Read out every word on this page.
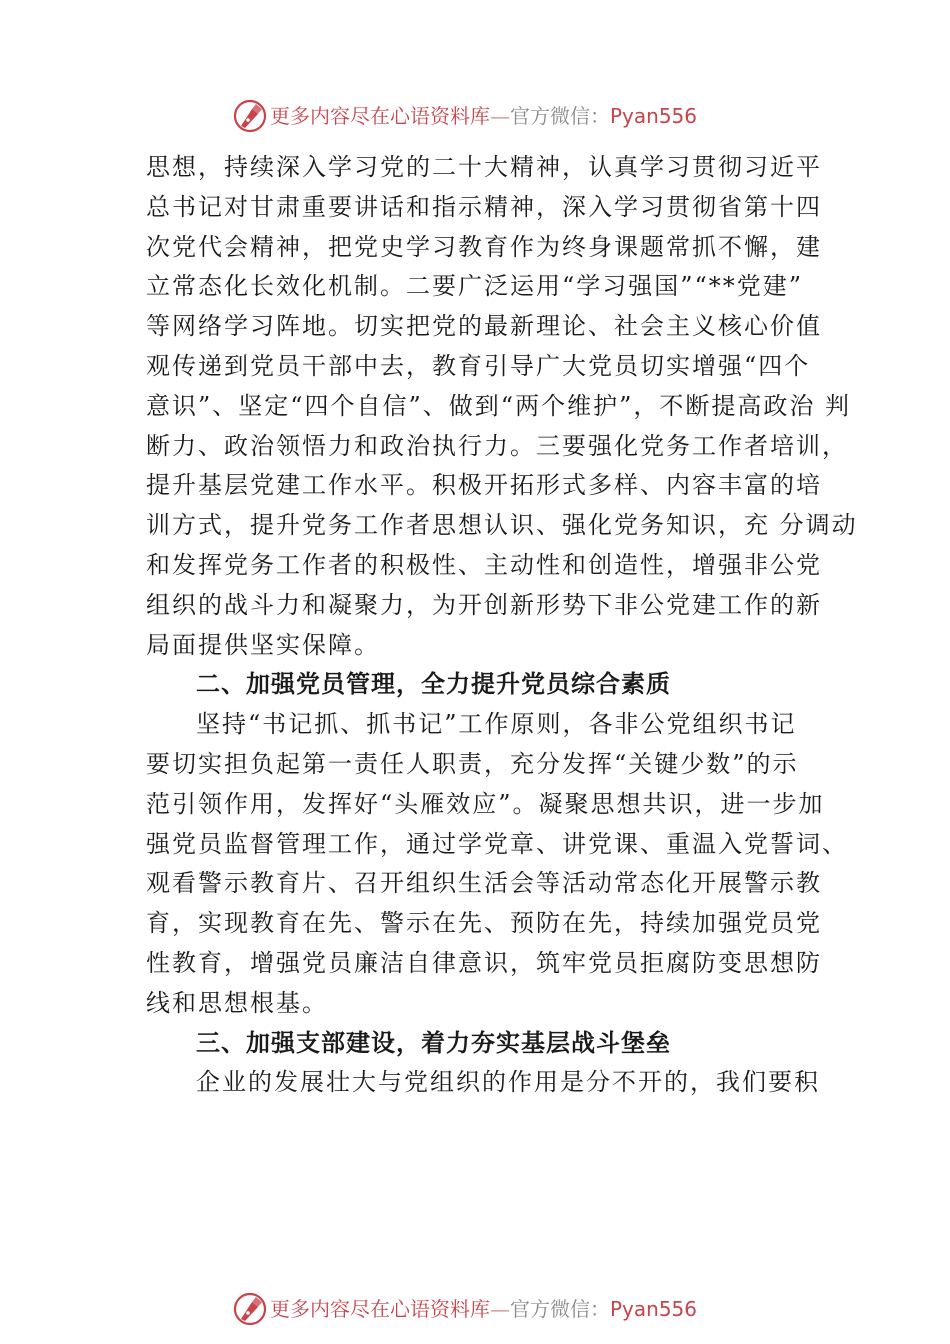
更多内容尽在心语资料库—官方微信：Pyan556
思想，持续深入学习党的二十大精神，认真学习贯彻习近平
总书记对甘肃重要讲话和指示精神，深入学习贯彻省第十四
次党代会精神，把党史学习教育作为终身课题常抓不懈，建
立常态化长效化机制。二要广泛运用“学习强国”“**党建”
等网络学习阵地。切实把党的最新理论、社会主义核心价值
观传递到党员干部中去，教育引导广大党员切实增强“四个
意识”、坚定“四个自信”、做到“两个维护”，不断提高政治 判
断力、政治领悟力和政治执行力。三要强化党务工作者培训，
提升基层党建工作水平。积极开拓形式多样、内容丰富的培
训方式，提升党务工作者思想认识、强化党务知识，充 分调动
和发挥党务工作者的积极性、主动性和创造性，增强非公党
组织的战斗力和凝聚力，为开创新形势下非公党建工作的新
局面提供坚实保障。
二、加强党员管理，全力提升党员综合素质
坚持“书记抓、抓书记”工作原则，各非公党组织书记
要切实担负起第一责任人职责，充分发挥“关键少数”的示
范引领作用，发挥好“头雁效应”。凝聚思想共识，进一步加
强党员监督管理工作，通过学党章、讲党课、重温入党誓词、
观看警示教育片、召开组织生活会等活动常态化开展警示教
育，实现教育在先、警示在先、预防在先，持续加强党员党
性教育，增强党员廉洁自律意识，筑牢党员拒腐防变思想防
线和思想根基。
三、加强支部建设，着力夯实基层战斗堡垒
企业的发展壮大与党组织的作用是分不开的，我们要积
更多内容尽在心语资料库—官方微信：Pyan556
